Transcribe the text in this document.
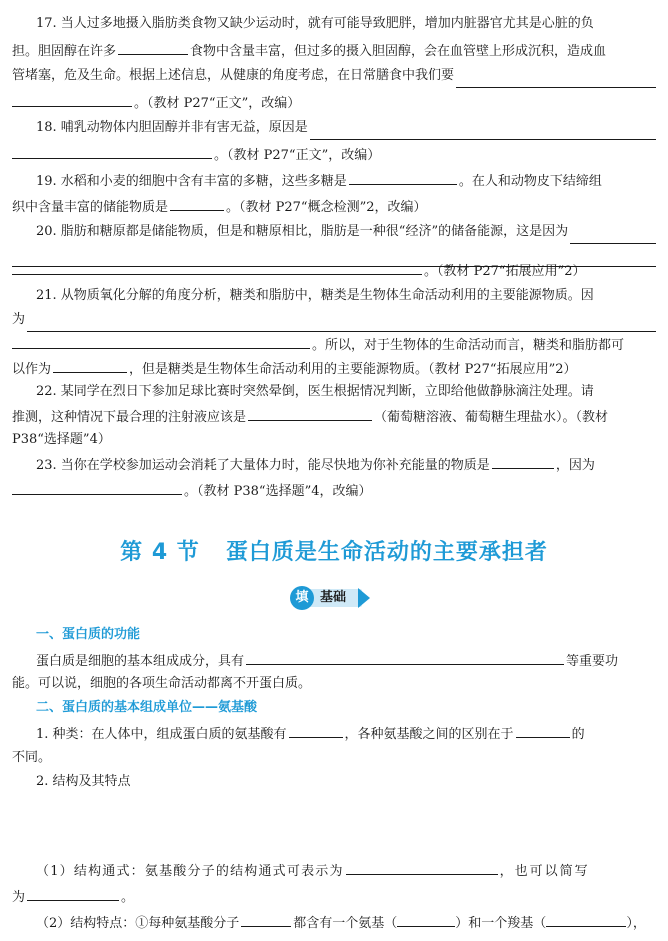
17. 当人过多地摄入脂肪类食物又缺少运动时，就有可能导致肥胖，增加内脏器官尤其是心脏的负
担。胆固醇在许多	食物中含量丰富，但过多的摄入胆固醇，会在血管壁上形成沉积，造成血
管堵塞，危及生命。根据上述信息，从健康的角度考虑，在日常膳食中我们要
。（教材 P27“正文”，改编）
18. 哺乳动物体内胆固醇并非有害无益，原因是
。（教材 P27“正文”，改编）
19. 水稻和小麦的细胞中含有丰富的多糖，这些多糖是	。在人和动物皮下结缔组
织中含量丰富的储能物质是	。（教材 P27“概念检测”2，改编）
20. 脂肪和糖原都是储能物质，但是和糖原相比，脂肪是一种很“经济”的储备能源，这是因为
。（教材 P27“拓展应用”2）
21. 从物质氧化分解的角度分析，糖类和脂肪中，糖类是生物体生命活动利用的主要能源物质。因
为
。所以，对于生物体的生命活动而言，糖类和脂肪都可
以作为	，但是糖类是生物体生命活动利用的主要能源物质。（教材 P27“拓展应用”2）
22. 某同学在烈日下参加足球比赛时突然晕倒，医生根据情况判断，立即给他做静脉滴注处理。请
推测，这种情况下最合理的注射液应该是	（葡萄糖溶液、葡萄糖生理盐水）。（教材
P38“选择题”4）
23. 当你在学校参加运动会消耗了大量体力时，能尽快地为你补充能量的物质是	，因为
。（教材 P38“选择题”4，改编）
第 4 节 蛋白质是生命活动的主要承担者
填 基础
一、蛋白质的功能
蛋白质是细胞的基本组成成分，具有	等重要功
能。可以说，细胞的各项生命活动都离不开蛋白质。
二、蛋白质的基本组成单位——氨基酸
1. 种类：在人体中，组成蛋白质的氨基酸有	，各种氨基酸之间的区别在于	的
不同。
2. 结构及其特点
（1）结构通式：氨基酸分子的结构通式可表示为	，也可以简写
为	。
（2）结构特点：①每种氨基酸分子	都含有一个氨基（	）和一个羧基（	），
